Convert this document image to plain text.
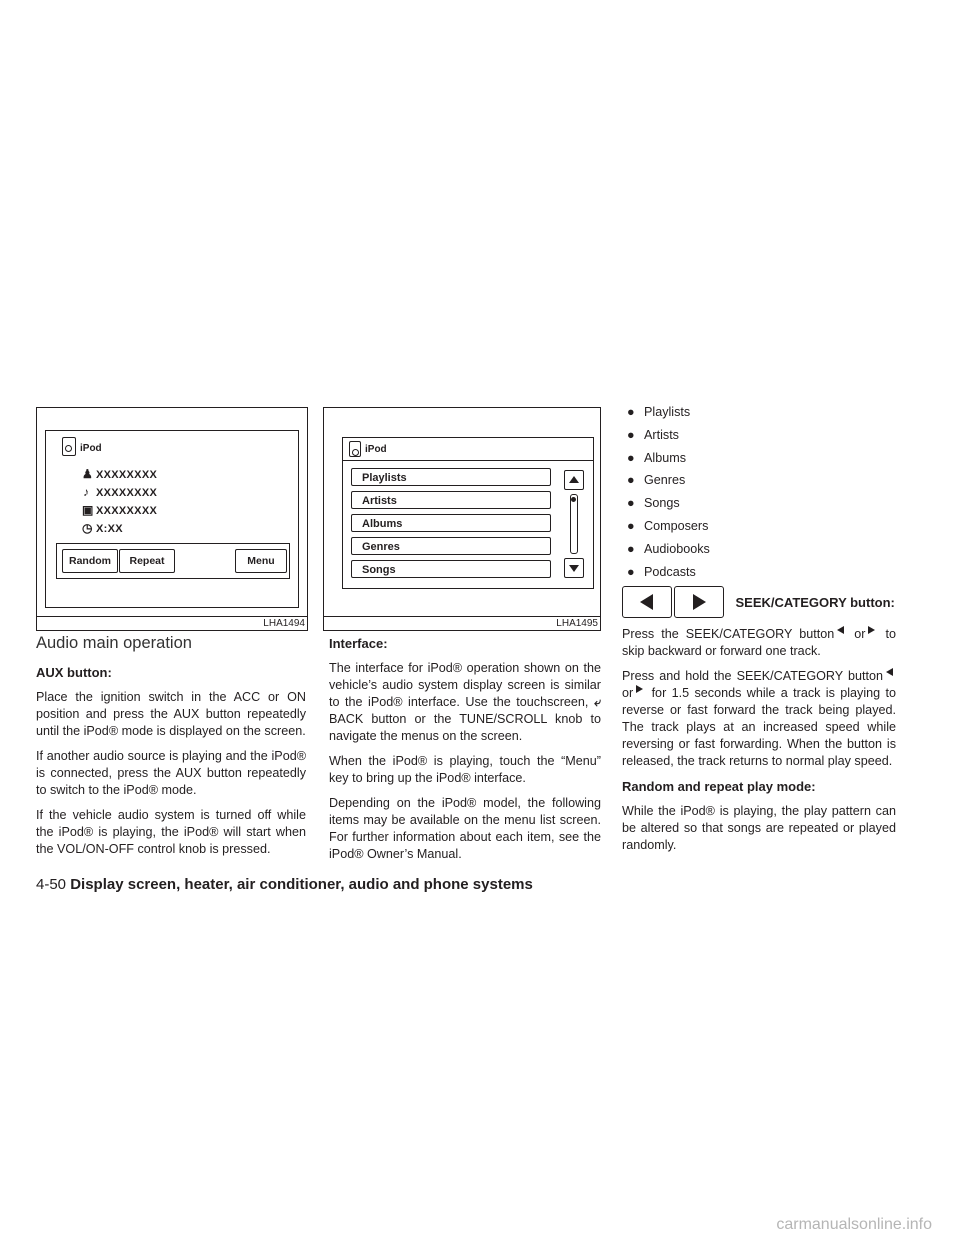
iPod
♟ XXXXXXXX
♪ XXXXXXXX
▣ XXXXXXXX
◷ X:XX
Random	Repeat	Menu
LHA1494
iPod
Playlists
Artists
Albums
Genres
Songs
LHA1495
Audio main operation
AUX button:

Place the ignition switch in the ACC or ON position and press the AUX button repeatedly until the iPod® mode is displayed on the screen.

If another audio source is playing and the iPod® is connected, press the AUX button repeatedly to switch to the iPod® mode.

If the vehicle audio system is turned off while the iPod® is playing, the iPod® will start when the VOL/ON-OFF control knob is pressed.

Interface:

The interface for iPod® operation shown on the vehicle’s audio system display screen is similar to the iPod® interface. Use the touchscreen, ⤶ BACK button or the TUNE/SCROLL knob to navigate the menus on the screen.

When the iPod® is playing, touch the “Menu” key to bring up the iPod® interface.

Depending on the iPod® model, the following items may be available on the menu list screen. For further information about each item, see the iPod® Owner’s Manual.

● Playlists
● Artists
● Albums
● Genres
● Songs
● Composers
● Audiobooks
● Podcasts
SEEK/CATEGORY button:

Press the SEEK/CATEGORY button or to skip backward or forward one track.

Press and hold the SEEK/CATEGORY button or for 1.5 seconds while a track is playing to reverse or fast forward the track being played. The track plays at an increased speed while reversing or fast forwarding. When the button is released, the track returns to normal play speed.

Random and repeat play mode:

While the iPod® is playing, the play pattern can be altered so that songs are repeated or played randomly.

4-50 Display screen, heater, air conditioner, audio and phone systems
carmanualsonline.info
